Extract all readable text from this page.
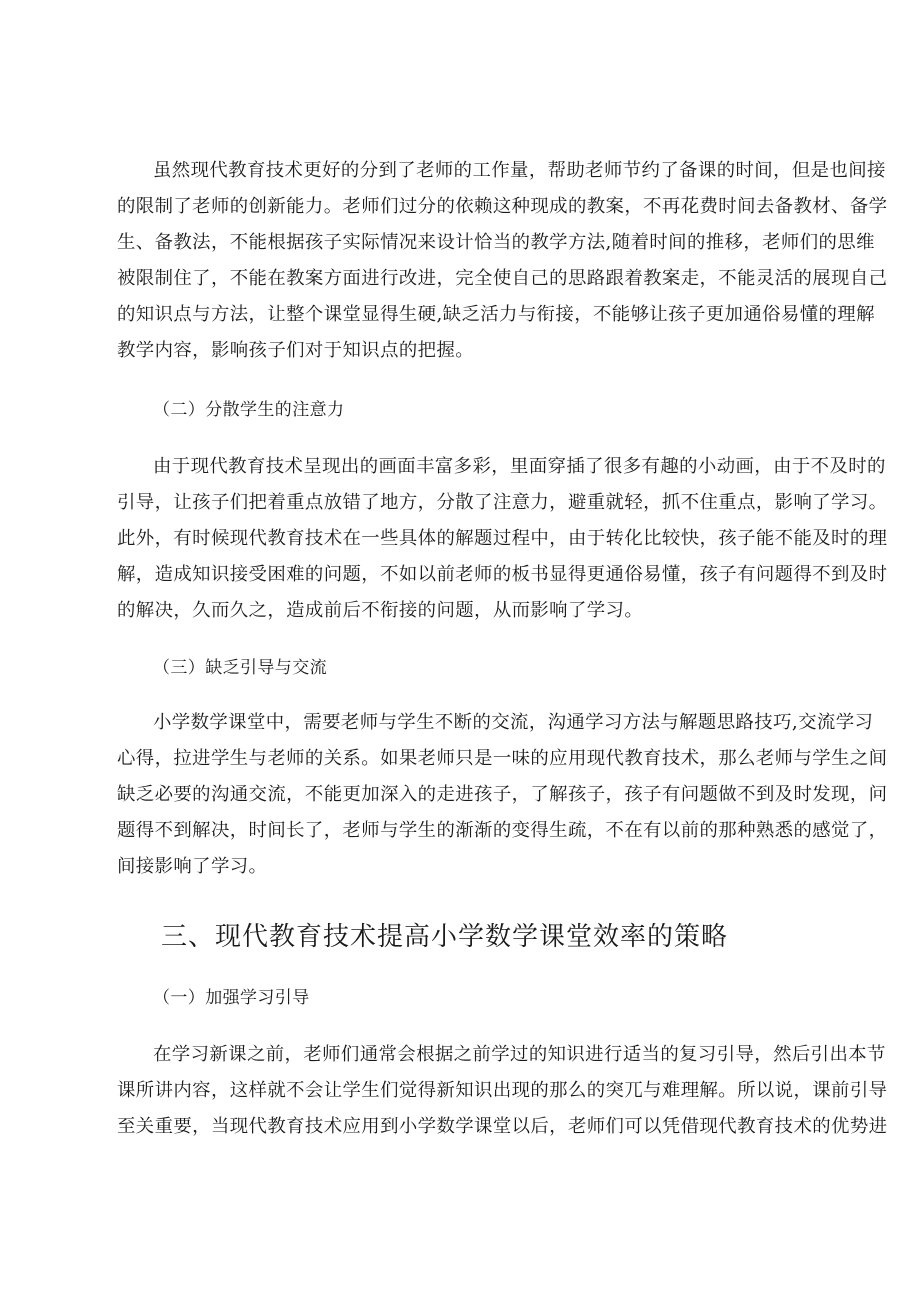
虽然现代教育技术更好的分到了老师的工作量，帮助老师节约了备课的时间，但是也间接
的限制了老师的创新能力。老师们过分的依赖这种现成的教案，不再花费时间去备教材、备学
生、备教法，不能根据孩子实际情况来设计恰当的教学方法,随着时间的推移，老师们的思维
被限制住了，不能在教案方面进行改进，完全使自己的思路跟着教案走，不能灵活的展现自己
的知识点与方法，让整个课堂显得生硬,缺乏活力与衔接，不能够让孩子更加通俗易懂的理解
教学内容，影响孩子们对于知识点的把握。
（二）分散学生的注意力
由于现代教育技术呈现出的画面丰富多彩，里面穿插了很多有趣的小动画，由于不及时的
引导，让孩子们把着重点放错了地方，分散了注意力，避重就轻，抓不住重点，影响了学习。
此外，有时候现代教育技术在一些具体的解题过程中，由于转化比较快，孩子能不能及时的理
解，造成知识接受困难的问题，不如以前老师的板书显得更通俗易懂，孩子有问题得不到及时
的解决，久而久之，造成前后不衔接的问题，从而影响了学习。
（三）缺乏引导与交流
小学数学课堂中，需要老师与学生不断的交流，沟通学习方法与解题思路技巧,交流学习
心得，拉进学生与老师的关系。如果老师只是一味的应用现代教育技术，那么老师与学生之间
缺乏必要的沟通交流，不能更加深入的走进孩子，了解孩子，孩子有问题做不到及时发现，问
题得不到解决，时间长了，老师与学生的渐渐的变得生疏，不在有以前的那种熟悉的感觉了，
间接影响了学习。
三、现代教育技术提高小学数学课堂效率的策略
（一）加强学习引导
在学习新课之前，老师们通常会根据之前学过的知识进行适当的复习引导，然后引出本节
课所讲内容，这样就不会让学生们觉得新知识出现的那么的突兀与难理解。所以说，课前引导
至关重要，当现代教育技术应用到小学数学课堂以后，老师们可以凭借现代教育技术的优势进
